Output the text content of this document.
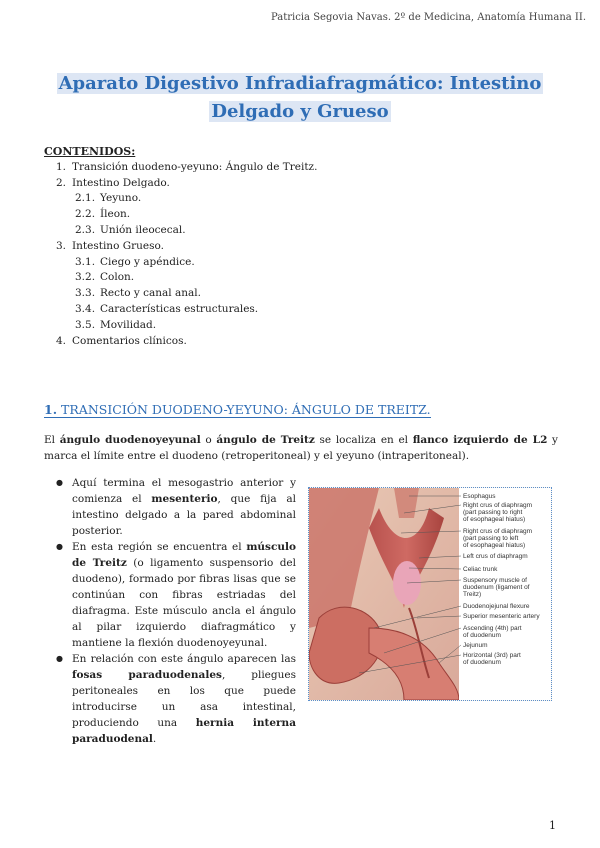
Patricia Segovia Navas. 2º de Medicina, Anatomía Humana II.
Aparato Digestivo Infradiafragmático: Intestino Delgado y Grueso
CONTENIDOS:
1. Transición duodeno-yeyuno: Ángulo de Treitz.
2. Intestino Delgado.
2.1. Yeyuno.
2.2. Íleon.
2.3. Unión ileocecal.
3. Intestino Grueso.
3.1. Ciego y apéndice.
3.2. Colon.
3.3. Recto y canal anal.
3.4. Características estructurales.
3.5. Movilidad.
4. Comentarios clínicos.
1. TRANSICIÓN DUODENO-YEYUNO: ÁNGULO DE TREITZ.
El ángulo duodenoyeyunal o ángulo de Treitz se localiza en el flanco izquierdo de L2 y marca el límite entre el duodeno (retroperitoneal) y el yeyuno (intraperitoneal).
● Aquí termina el mesogastrio anterior y comienza el mesenterio, que fija al intestino delgado a la pared abdominal posterior.
● En esta región se encuentra el músculo de Treitz (o ligamento suspensorio del duodeno), formado por fibras lisas que se continúan con fibras estriadas del diafragma. Este músculo ancla el ángulo al pilar izquierdo diafragmático y mantiene la flexión duodenoyeyunal.
● En relación con este ángulo aparecen las fosas paraduodenales, pliegues peritoneales en los que puede introducirse un asa intestinal, produciendo una hernia interna paraduodenal.
Esophagus
Right crus of diaphragm
(part passing to right
of esophageal hiatus)
Right crus of diaphragm
(part passing to left
of esophageal hiatus)
Left crus of diaphragm
Celiac trunk
Suspensory muscle of
duodenum (ligament of
Treitz)
Duodenojejunal flexure
Superior mesenteric artery
Ascending (4th) part
of duodenum
Jejunum
Horizontal (3rd) part
of duodenum
1
